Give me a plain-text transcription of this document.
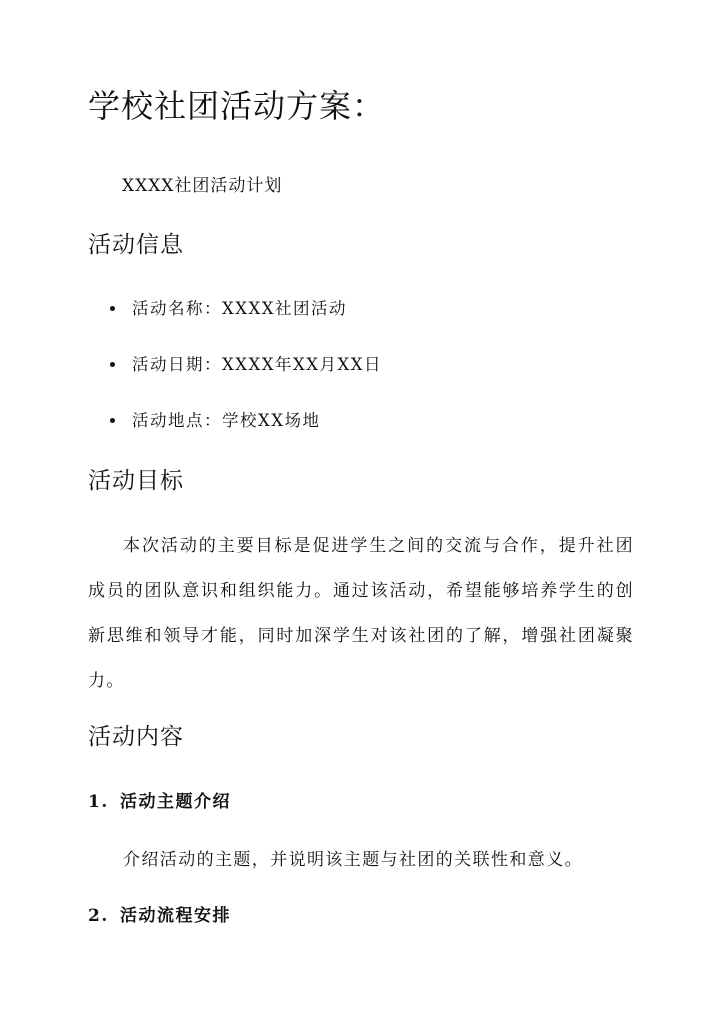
学校社团活动方案：

XXXX社团活动计划

活动信息
活动名称：XXXX社团活动
活动日期：XXXX年XX月XX日
活动地点：学校XX场地
活动目标

本次活动的主要目标是促进学生之间的交流与合作，提升社团成员的团队意识和组织能力。通过该活动，希望能够培养学生的创新思维和领导才能，同时加深学生对该社团的了解，增强社团凝聚力。

活动内容
1. 活动主题介绍

介绍活动的主题，并说明该主题与社团的关联性和意义。

2. 活动流程安排
